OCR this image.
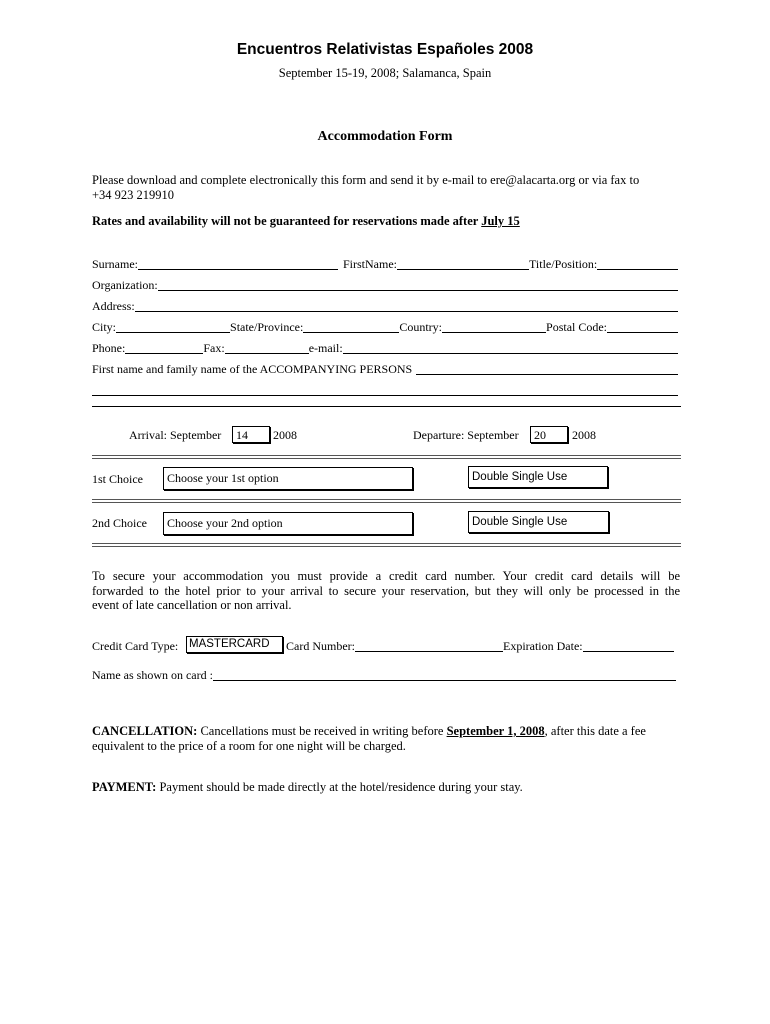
Encuentros Relativistas Españoles 2008
September 15-19, 2008; Salamanca, Spain
Accommodation Form
Please download and complete electronically this form and send it by e-mail to ere@alacarta.org or via fax to
+34 923 219910
Rates and availability will not be guaranteed for reservations made after July 15
Surname:	FirstName:	Title/Position:
Organization:
Address:
City:	State/Province:	Country:	Postal Code:
Phone:	Fax:	e-mail:
First name and family name of the ACCOMPANYING PERSONS
Arrival: September	14	2008	Departure: September	20	2008
1st Choice	Choose your 1st option	Double Single Use
2nd Choice	Choose your 2nd option	Double Single Use
To secure your accommodation you must provide a credit card number. Your credit card details will be
forwarded to the hotel prior to your arrival to secure your reservation, but they will only be processed in the
event of late cancellation or non arrival.
Credit Card Type: MASTERCARD	Card Number:	Expiration Date:
Name as shown on card :
CANCELLATION: Cancellations must be received in writing before September 1, 2008, after this date a fee
equivalent to the price of a room for one night will be charged.
PAYMENT: Payment should be made directly at the hotel/residence during your stay.
